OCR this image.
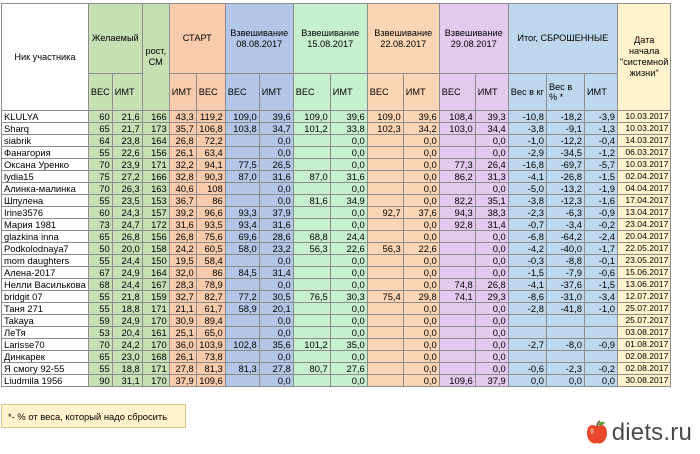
Ник участника	Желаемый		рост, СМ	СТАРТ		Взвешивание 08.08.2017		Взвешивание 15.08.2017		Взвешивание 22.08.2017		Взвешивание 29.08.2017		Итог, СБРОШЕННЫЕ			Дата начала "системной жизни"
	ВЕС	ИМТ		ИМТ	ВЕС	ВЕС	ИМТ	ВЕС	ИМТ	ВЕС	ИМТ	ВЕС	ИМТ	Вес в кг	Вес в % *	ИМТ	
KLULYA	60	21,6	166	43,3	119,2	109,0	39,6	109,0	39,6	109,0	39,6	108,4	39,3	-10,8	-18,2	-3,9	10.03.2017
Sharq	65	21,7	173	35,7	106,8	103,8	34,7	101,2	33,8	102,3	34,2	103,0	34,4	-3,8	-9,1	-1,3	10.03.2017
siabrik	64	23,8	164	26,8	72,2		0,0		0,0		0,0		0,0	-1,0	-12,2	-0,4	14.03.2017
Фанагория	55	22,6	156	26,1	63,4		0,0		0,0		0,0		0,0	-2,9	-34,5	-1,2	06.03.2017
Оксана Уренко	70	23,9	171	32,2	94,1	77,5	26,5		0,0		0,0	77,3	26,4	-16,8	-69,7	-5,7	10.03.2017
lydia15	75	27,2	166	32,8	90,3	87,0	31,6	87,0	31,6		0,0	86,2	31,3	-4,1	-26,8	-1,5	02.04.2017
Алинка-малинка	70	26,3	163	40,6	108		0,0		0,0		0,0		0,0	-5,0	-13,2	-1,9	04.04.2017
Шпулена	55	23,5	153	36,7	86		0,0	81,6	34,9		0,0	82,2	35,1	-3,8	-12,3	-1,6	17.04.2017
Irine3576	60	24,3	157	39,2	96,6	93,3	37,9		0,0	92,7	37,6	94,3	38,3	-2,3	-6,3	-0,9	13.04.2017
Мария 1981	73	24,7	172	31,6	93,5	93,4	31,6		0,0		0,0	92,8	31,4	-0,7	-3,4	-0,2	23.04.2017
glazkina inna	65	26,8	156	26,8	75,6	69,6	28,6	68,8	24,4		0,0		0,0	-6,8	-64,2	-2,4	20.04.2017
Podkolodnaya7	50	20,0	158	24,2	60,5	58,0	23,2	56,3	22,6	56,3	22,6		0,0	-4,2	-40,0	-1,7	22.05.2017
mom daughters	55	24,4	150	19,5	58,4		0,0		0,0		0,0		0,0	-0,3	-8,8	-0,1	23.05.2017
Алена-2017	67	24,9	164	32,0	86	84,5	31,4		0,0		0,0		0,0	-1,5	-7,9	-0,6	15.06.2017
Нелли Васильковa	68	24,4	167	28,3	78,9		0,0		0,0		0,0	74,8	26,8	-4,1	-37,6	-1,5	13.06.2017
bridgit 07	55	21,8	159	32,7	82,7	77,2	30,5	76,5	30,3	75,4	29,8	74,1	29,3	-8,6	-31,0	-3,4	12.07.2017
Таня 271	55	18,8	171	21,1	61,7	58,9	20,1		0,0		0,0		0,0	-2,8	-41,8	-1,0	25.07.2017
Takaya	59	24,9	170	30,9	89,4		0,0		0,0		0,0		0,0				25.07.2017
ЛеТя	53	20,4	161	25,1	65,0		0,0		0,0		0,0		0,0				03.08.2017
Larisse70	70	24,2	170	36,0	103,9	102,8	35,6	101,2	35,0		0,0		0,0	-2,7	-8,0	-0,9	01.08.2017
Динкарек	65	23,0	168	26,1	73,8		0,0		0,0		0,0		0,0				02.08.2017
Я смогу 92-55	55	18,8	171	27,8	81,3	81,3	27,8	80,7	27,6		0,0		0,0	-0,6	-2,3	-0,2	02.08.2017
Liudmila 1956	90	31,1	170	37,9	109,6		0,0		0,0		0,0	109,6	37,9	0,0	0,0	0,0	30.08.2017
*- % от веса, который надо сбросить
diets.ru
